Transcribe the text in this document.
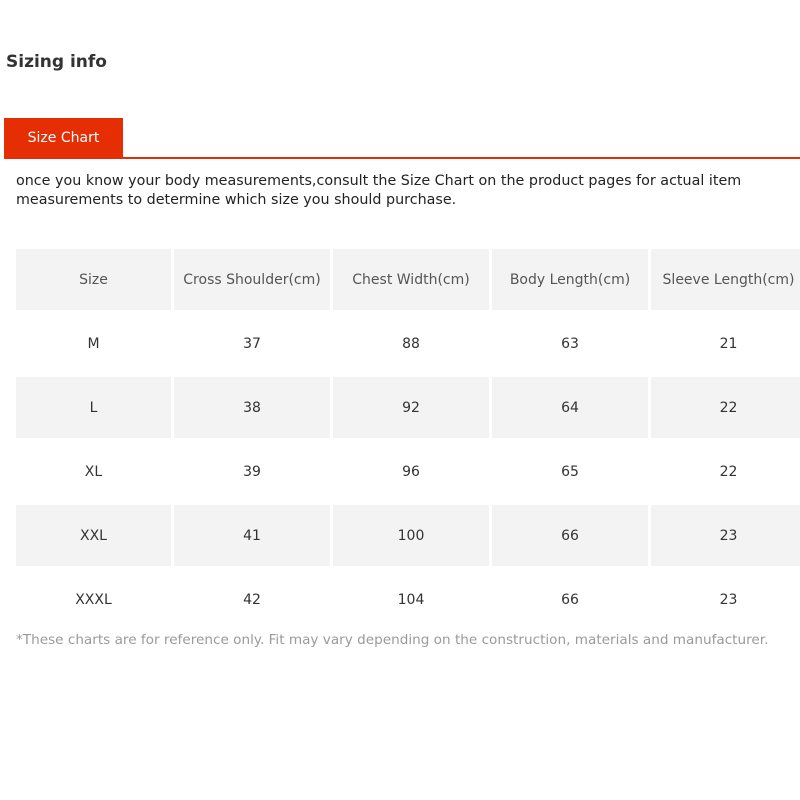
Sizing info
Size Chart
once you know your body measurements,consult the Size Chart on the product pages for actual item
measurements to determine which size you should purchase.
Size	Cross Shoulder(cm)	Chest Width(cm)	Body Length(cm)	Sleeve Length(cm)
M	37	88	63	21
L	38	92	64	22
XL	39	96	65	22
XXL	41	100	66	23
XXXL	42	104	66	23
*These charts are for reference only. Fit may vary depending on the construction, materials and manufacturer.
